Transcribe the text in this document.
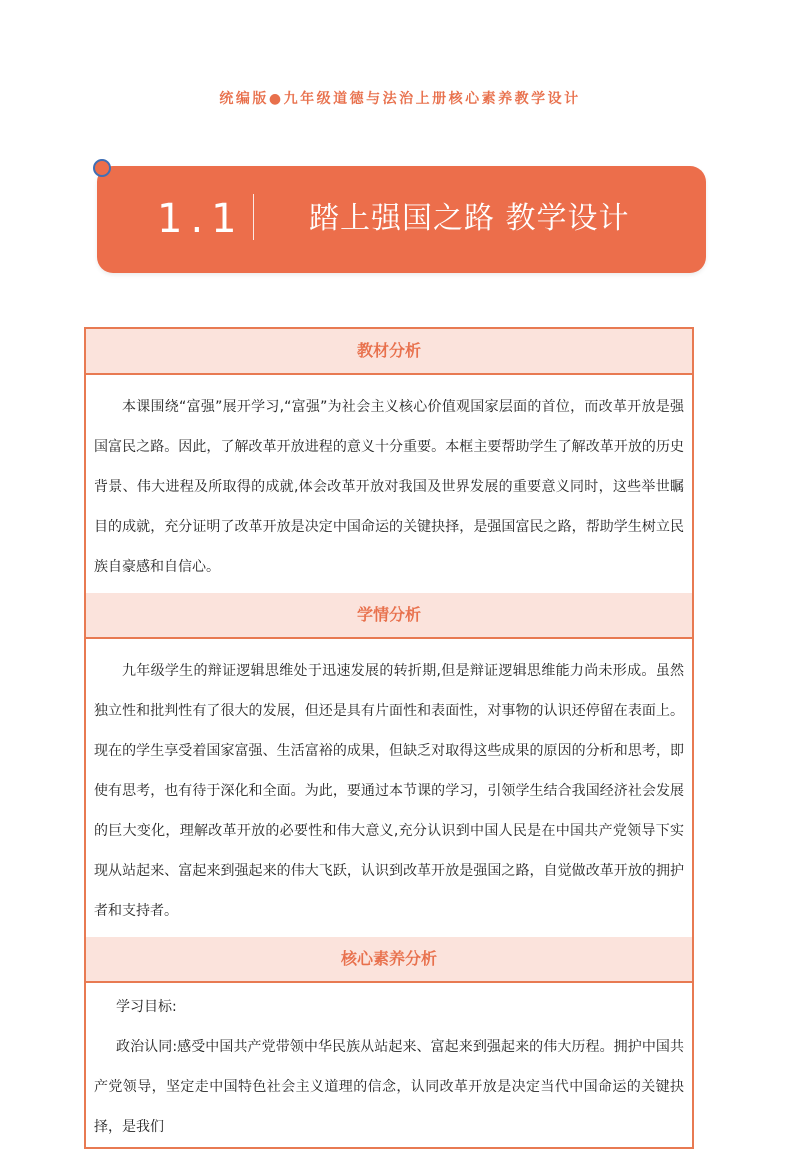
统编版●九年级道德与法治上册核心素养教学设计
1.1 踏上强国之路 教学设计
教材分析

本课围绕“富强”展开学习,“富强”为社会主义核心价值观国家层面的首位，而改革开放是强国富民之路。因此，了解改革开放进程的意义十分重要。本框主要帮助学生了解改革开放的历史背景、伟大进程及所取得的成就,体会改革开放对我国及世界发展的重要意义同时，这些举世瞩目的成就，充分证明了改革开放是决定中国命运的关键抉择，是强国富民之路，帮助学生树立民族自豪感和自信心。

学情分析

九年级学生的辩证逻辑思维处于迅速发展的转折期,但是辩证逻辑思维能力尚未形成。虽然独立性和批判性有了很大的发展，但还是具有片面性和表面性，对事物的认识还停留在表面上。现在的学生享受着国家富强、生活富裕的成果，但缺乏对取得这些成果的原因的分析和思考，即使有思考，也有待于深化和全面。为此，要通过本节课的学习，引领学生结合我国经济社会发展的巨大变化，理解改革开放的必要性和伟大意义,充分认识到中国人民是在中国共产党领导下实现从站起来、富起来到强起来的伟大飞跃，认识到改革开放是强国之路，自觉做改革开放的拥护者和支持者。

核心素养分析

学习目标:

政治认同:感受中国共产党带领中华民族从站起来、富起来到强起来的伟大历程。拥护中国共产党领导，坚定走中国特色社会主义道理的信念，认同改革开放是决定当代中国命运的关键抉择，是我们
